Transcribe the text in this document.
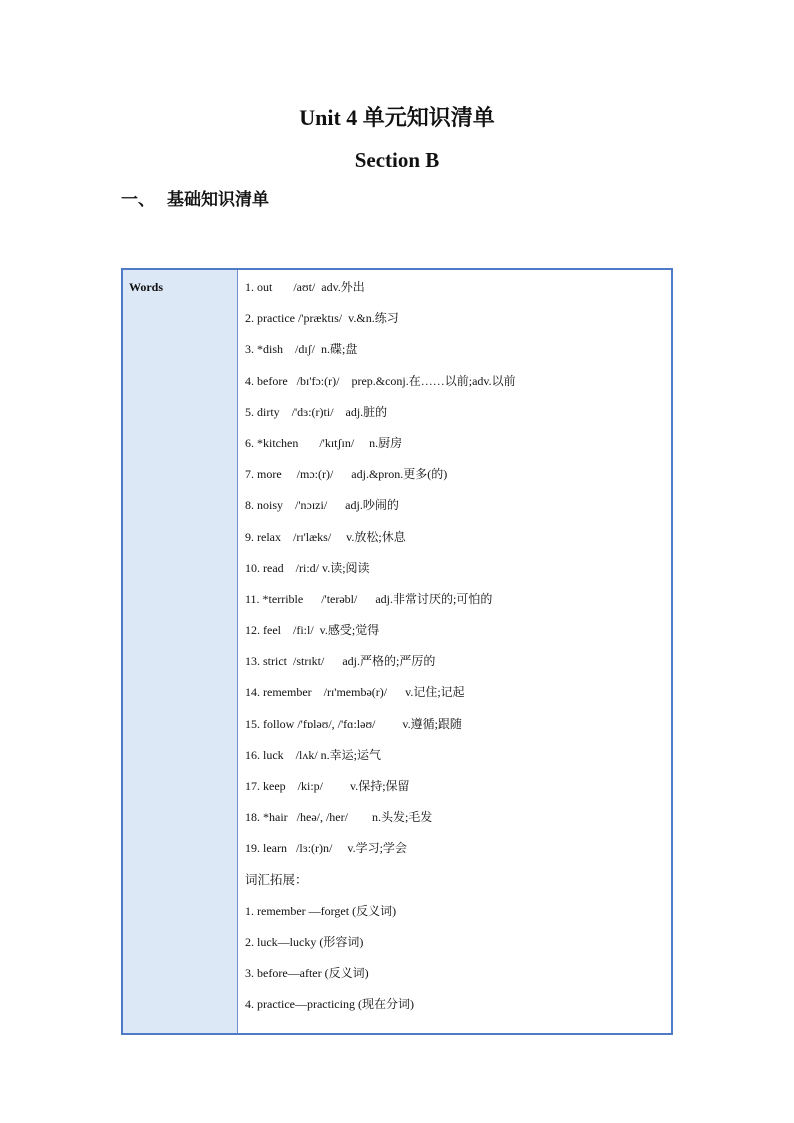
Unit 4 单元知识清单
Section B
一、 基础知识清单
Words	1. out       /aʊt/  adv.外出
2. practice /'præktɪs/  v.&n.练习
3. *dish    /dɪʃ/  n.碟;盘
4. before   /bɪ'fɔ:(r)/    prep.&conj.在……以前;adv.以前
5. dirty    /'dɜ:(r)ti/    adj.脏的
6. *kitchen       /'kɪtʃɪn/     n.厨房
7. more     /mɔ:(r)/      adj.&pron.更多(的)
8. noisy    /'nɔɪzi/      adj.吵闹的
9. relax    /rɪ'læks/     v.放松;休息
10. read    /ri:d/ v.读;阅读
11. *terrible      /'terəbl/      adj.非常讨厌的;可怕的
12. feel    /fi:l/  v.感受;觉得
13. strict  /strɪkt/      adj.严格的;严厉的
14. remember    /rɪ'membə(r)/      v.记住;记起
15. follow /'fɒləʊ/, /'fɑ:ləʊ/         v.遵循;跟随
16. luck    /lʌk/ n.幸运;运气
17. keep    /ki:p/         v.保持;保留
18. *hair   /heə/, /her/        n.头发;毛发
19. learn   /lɜ:(r)n/     v.学习;学会
词汇拓展：
1. remember —forget (反义词)
2. luck—lucky (形容词)
3. before—after (反义词)
4. practice—practicing (现在分词)
